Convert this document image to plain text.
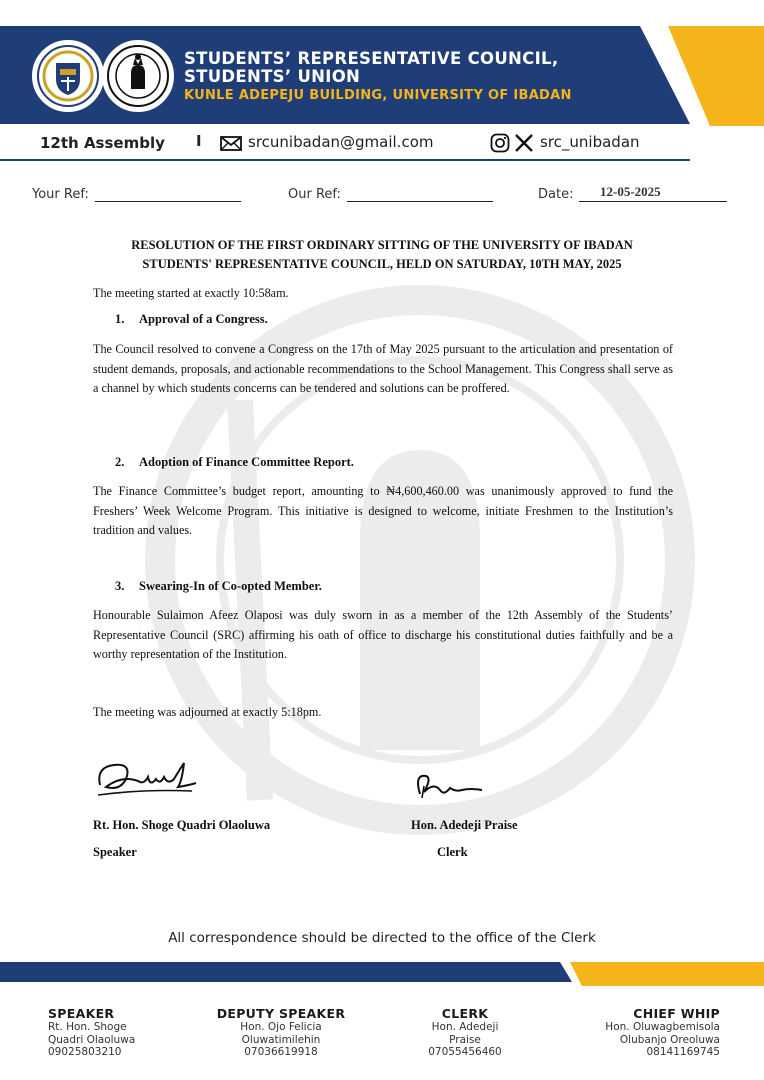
STUDENTS’ REPRESENTATIVE COUNCIL,
STUDENTS’ UNION
KUNLE ADEPEJU BUILDING, UNIVERSITY OF IBADAN
12th Assembly I	srcunibadan@gmail.com	src_unibadan
Your Ref:	Our Ref:	Date: 12-05-2025
RESOLUTION OF THE FIRST ORDINARY SITTING OF THE UNIVERSITY OF IBADAN
STUDENTS' REPRESENTATIVE COUNCIL, HELD ON SATURDAY, 10TH MAY, 2025
The meeting started at exactly 10:58am.
1. Approval of a Congress.
The Council resolved to convene a Congress on the 17th of May 2025 pursuant to the articulation and presentation of student demands, proposals, and actionable recommendations to the School Management. This Congress shall serve as a channel by which students concerns can be tendered and solutions can be proffered.
2. Adoption of Finance Committee Report.
The Finance Committee’s budget report, amounting to ₦4,600,460.00 was unanimously approved to fund the Freshers’ Week Welcome Program. This initiative is designed to welcome, initiate Freshmen to the Institution’s tradition and values.
3. Swearing-In of Co-opted Member.
Honourable Sulaimon Afeez Olaposi was duly sworn in as a member of the 12th Assembly of the Students’ Representative Council (SRC) affirming his oath of office to discharge his constitutional duties faithfully and be a worthy representation of the Institution.
The meeting was adjourned at exactly 5:18pm.
Rt. Hon. Shoge Quadri Olaoluwa
Speaker
Hon. Adedeji Praise
Clerk
All correspondence should be directed to the office of the Clerk
SPEAKER
Rt. Hon. Shoge
Quadri Olaoluwa
09025803210
DEPUTY SPEAKER
Hon. Ojo Felicia
Oluwatimilehin
07036619918
CLERK
Hon. Adedeji
Praise
07055456460
CHIEF WHIP
Hon. Oluwagbemisola
Olubanjo Oreoluwa
08141169745
